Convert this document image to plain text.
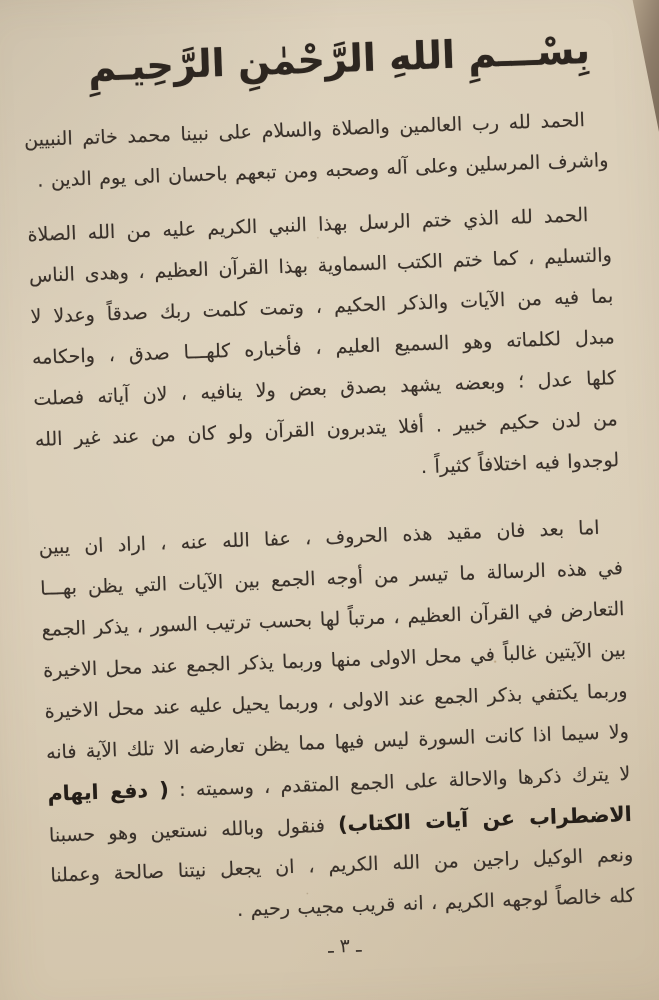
بِسْـــمِ اللهِ الرَّحْمٰنِ الرَّحِيـمِ
الحمد لله رب العالمين والصلاة والسلام على نبينا محمد خاتم النبيين
واشرف المرسلين وعلى آله وصحبه ومن تبعهم باحسان الى يوم الدين .
الحمد لله الذي ختم الرسل بهذا النبي الكريم عليه من الله الصلاة
والتسليم ، كما ختم الكتب السماوية بهذا القرآن العظيم ، وهدى الناس
بما فيه من الآيات والذكر الحكيم ، وتمت كلمت ربك صدقاً وعدلا لا
مبدل لكلماته وهو السميع العليم ، فأخباره كلهـــا صدق ، واحكامه
كلها عدل ؛ وبعضه يشهد بصدق بعض ولا ينافيه ، لان آياته فصلت
من لدن حكيم خبير . أفلا يتدبرون القرآن ولو كان من عند غير الله
لوجدوا فيه اختلافاً كثيراً .
اما بعد فان مقيد هذه الحروف ، عفا الله عنه ، اراد ان يبين
في هذه الرسالة ما تيسر من أوجه الجمع بين الآيات التي يظن بهـــا
التعارض في القرآن العظيم ، مرتباً لها بحسب ترتيب السور ، يذكر الجمع
بين الآيتين غالباً في محل الاولى منها وربما يذكر الجمع عند محل الاخيرة
وربما يكتفي بذكر الجمع عند الاولى ، وربما يحيل عليه عند محل الاخيرة
ولا سيما اذا كانت السورة ليس فيها مما يظن تعارضه الا تلك الآية فانه
لا يترك ذكرها والاحالة على الجمع المتقدم ، وسميته : ( دفع ايهام
الاضطراب عن آيات الكتاب) فنقول وبالله نستعين وهو حسبنا
ونعم الوكيل راجين من الله الكريم ، ان يجعل نيتنا صالحة وعملنا
كله خالصاً لوجهه الكريم ، انه قريب مجيب رحيم .
ـ ٣ ـ
